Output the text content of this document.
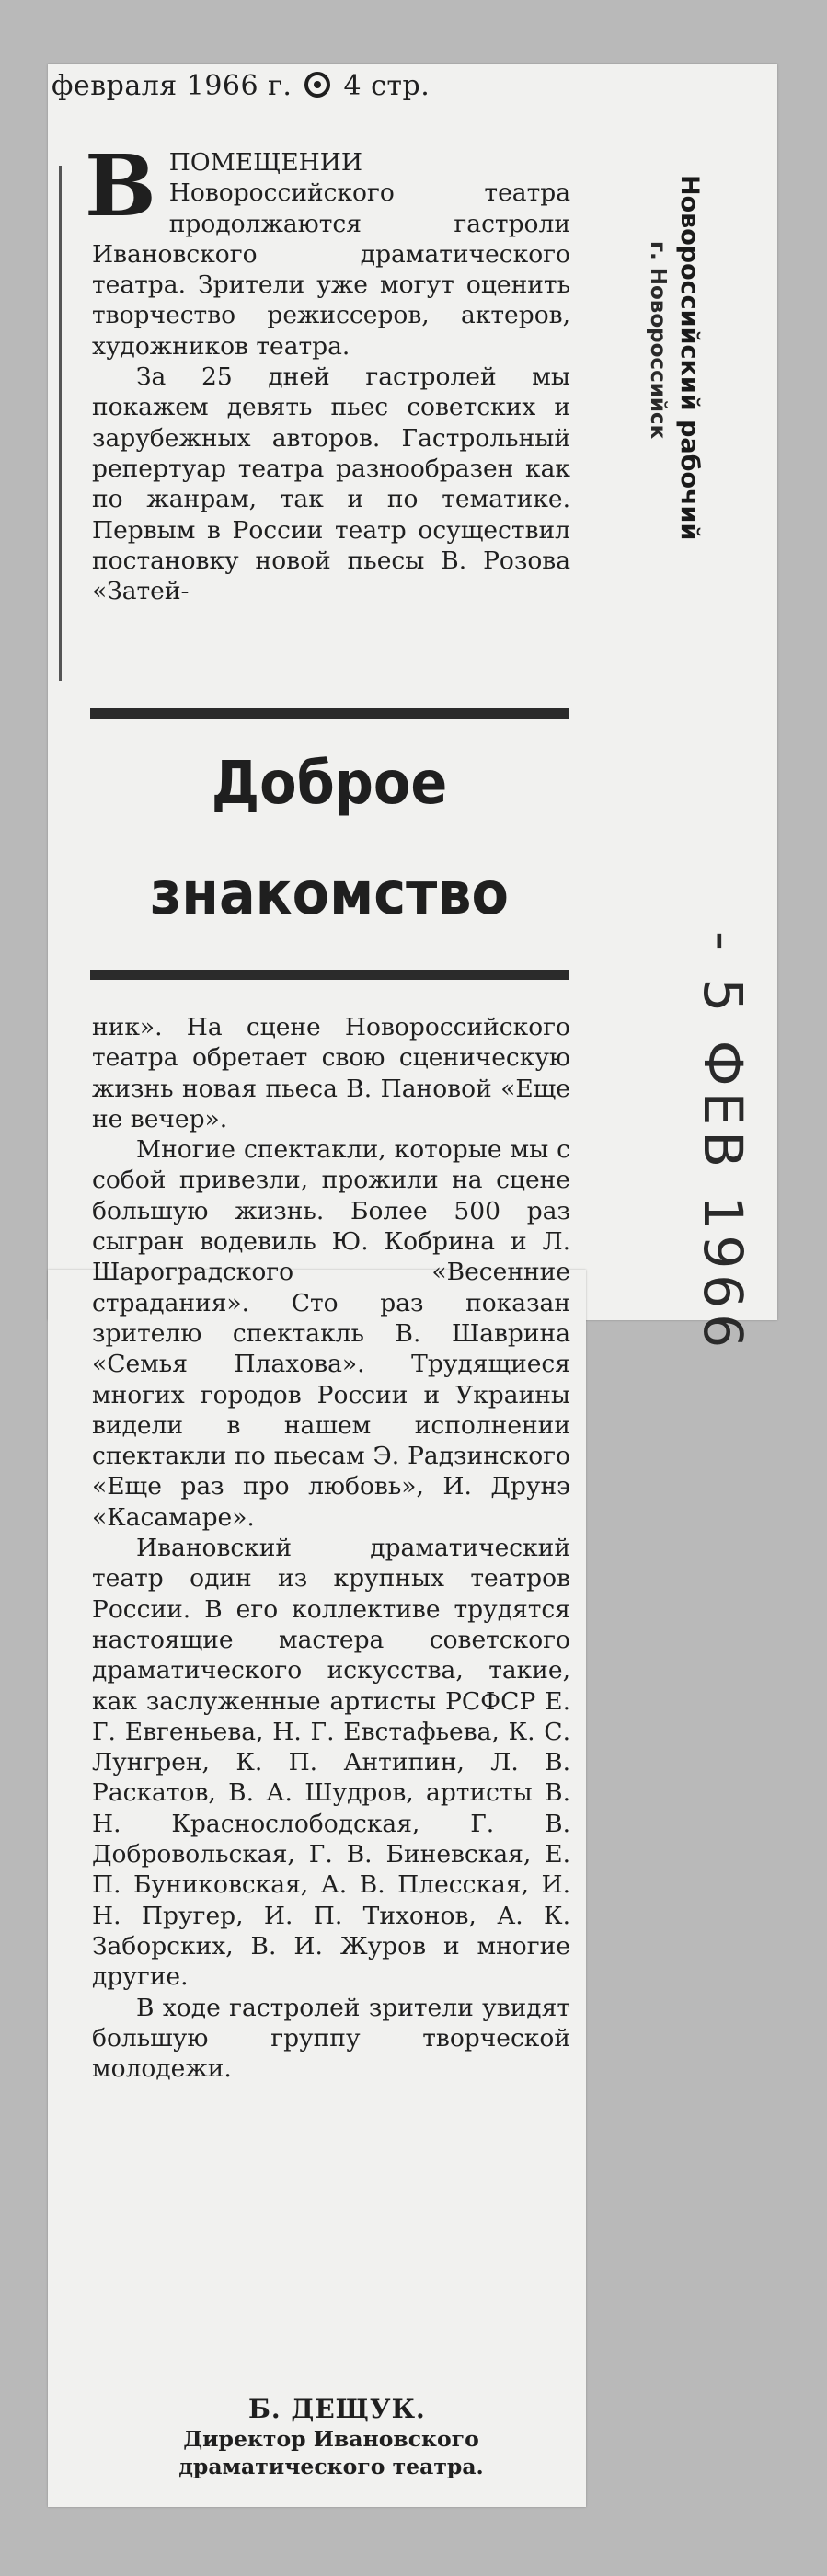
февраля 1966 г. 4 стр.

ВПОМЕЩЕНИИ Новороссийского театра продолжаются гастроли Ивановского драматического театра. Зрители уже могут оценить творчество режиссеров, актеров, художников театра.

За 25 дней гастролей мы покажем девять пьес советских и зарубежных авторов. Гастрольный репертуар театра разнообразен как по жанрам, так и по тематике. Первым в России театр осуществил постановку новой пьесы В. Розова «Затей-

Доброе
знакомство

ник». На сцене Новороссийского театра обретает свою сценическую жизнь новая пьеса В. Пановой «Еще не вечер».

Многие спектакли, которые мы с собой привезли, прожили на сцене большую жизнь. Более 500 раз сыгран водевиль Ю. Кобрина и Л. Шароградского «Весенние страдания». Сто раз показан зрителю спектакль В. Шаврина «Семья Плахова». Трудящиеся многих городов России и Украины видели в нашем исполнении спектакли по пьесам Э. Радзинского «Еще раз про любовь», И. Друнэ «Касамаре».

Ивановский драматический театр один из крупных театров России. В его коллективе трудятся настоящие мастера советского драматического искусства, такие, как заслуженные артисты РСФСР Е. Г. Евгеньева, Н. Г. Евстафьева, К. С. Лунгрен, К. П. Антипин, Л. В. Раскатов, В. А. Шудров, артисты В. Н. Краснослободская, Г. В. Добровольская, Г. В. Биневская, Е. П. Буниковская, А. В. Плесская, И. Н. Пругер, И. П. Тихонов, А. К. Заборских, В. И. Журов и многие другие.

В ходе гастролей зрители увидят большую группу творческой молодежи.

Б. ДЕЩУК.
Директор Ивановского
драматического театра.
Новороссийский рабочий
г. Новороссийск
- 5 ФЕВ 1966
